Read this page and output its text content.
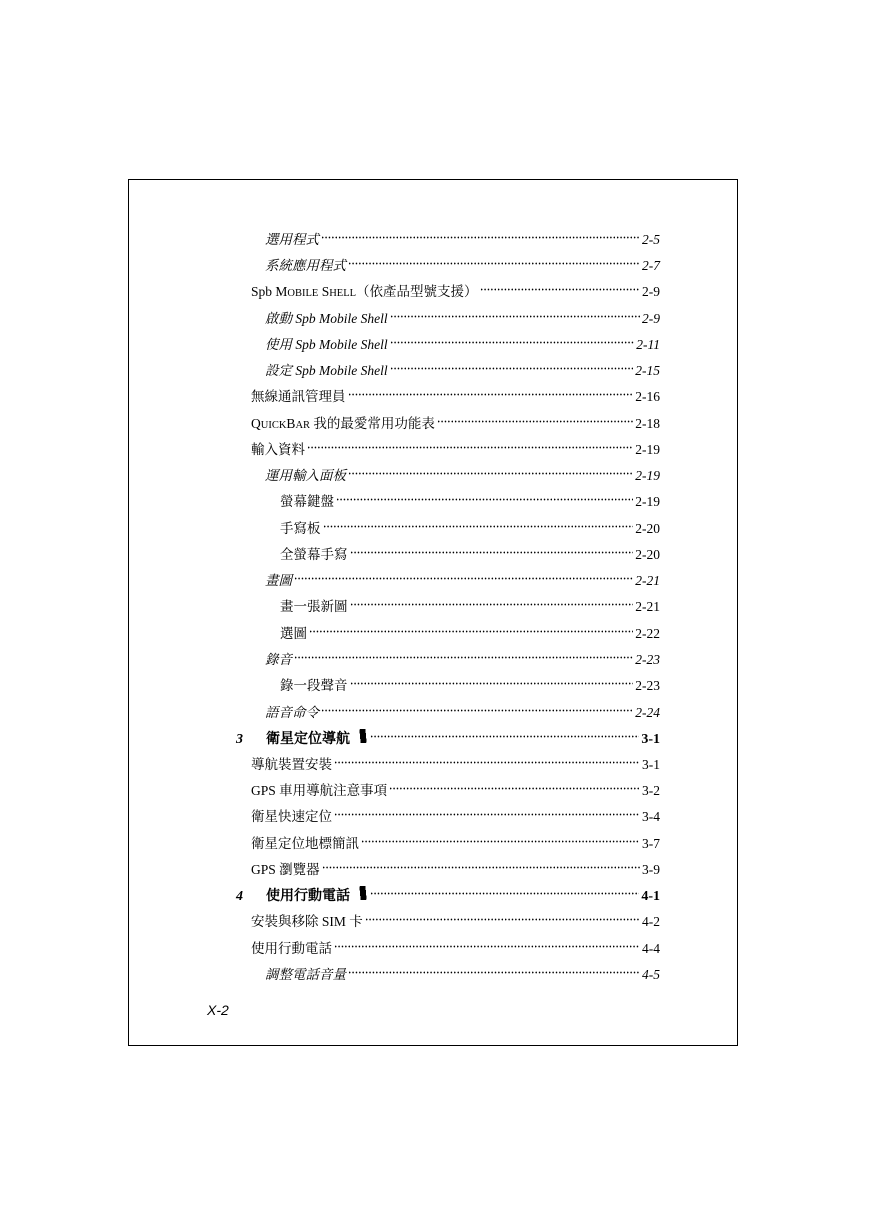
選用程式	2-5
系統應用程式	2-7
Spb MOBILE SHELL（依產品型號支援）	2-9
啟動 Spb Mobile Shell	2-9
使用 Spb Mobile Shell	2-11
設定 Spb Mobile Shell	2-15
無線通訊管理員	2-16
QUICKBAR 我的最愛常用功能表	2-18
輸入資料	2-19
運用輸入面板	2-19
螢幕鍵盤	2-19
手寫板	2-20
全螢幕手寫	2-20
畫圖	2-21
畫一張新圖	2-21
選圖	2-22
錄音	2-23
錄一段聲音	2-23
語音命令	2-24
3	衛星定位導航	3-1
導航裝置安裝	3-1
GPS 車用導航注意事項	3-2
衛星快速定位	3-4
衛星定位地標簡訊	3-7
GPS 瀏覽器	3-9
4	使用行動電話	4-1
安裝與移除 SIM 卡	4-2
使用行動電話	4-4
調整電話音量	4-5
X-2
